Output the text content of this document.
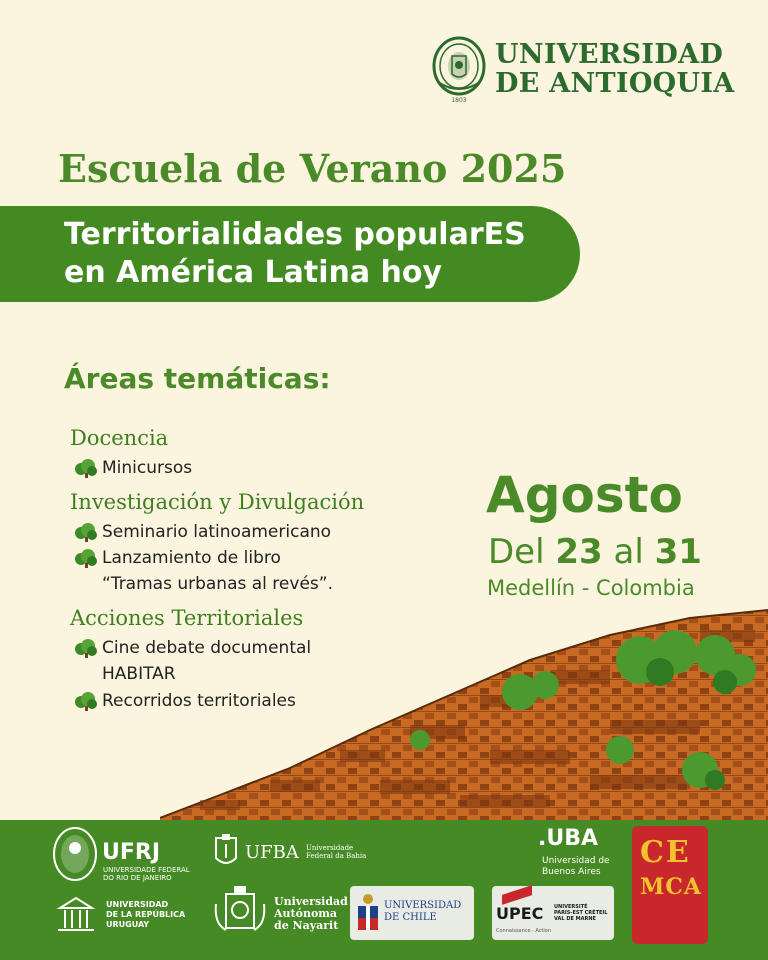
1803
UNIVERSIDAD
DE ANTIOQUIA
Escuela de Verano 2025
Territorialidades popularES
en América Latina hoy
Áreas temáticas:
Docencia
Minicursos
Investigación y Divulgación
Seminario latinoamericano
Lanzamiento de libro
“Tramas urbanas al revés”.
Acciones Territoriales
Cine debate documental
HABITAR
Recorridos territoriales
Agosto
Del 23 al 31
Medellín - Colombia
UFRJ
UNIVERSIDADE FEDERAL
DO RIO DE JANEIRO
UFBA Universidade
Federal da Bahia
.UBA
Universidad de
Buenos Aires
CE
MCA
UNIVERSIDAD
DE LA REPÚBLICA
URUGUAY
Universidad
Autónoma
de Nayarit
UNIVERSIDAD
DE CHILE	UPEC UNIVERSITÉ
PARIS-EST CRÉTEIL
VAL DE MARNE
Connaissance · Action
